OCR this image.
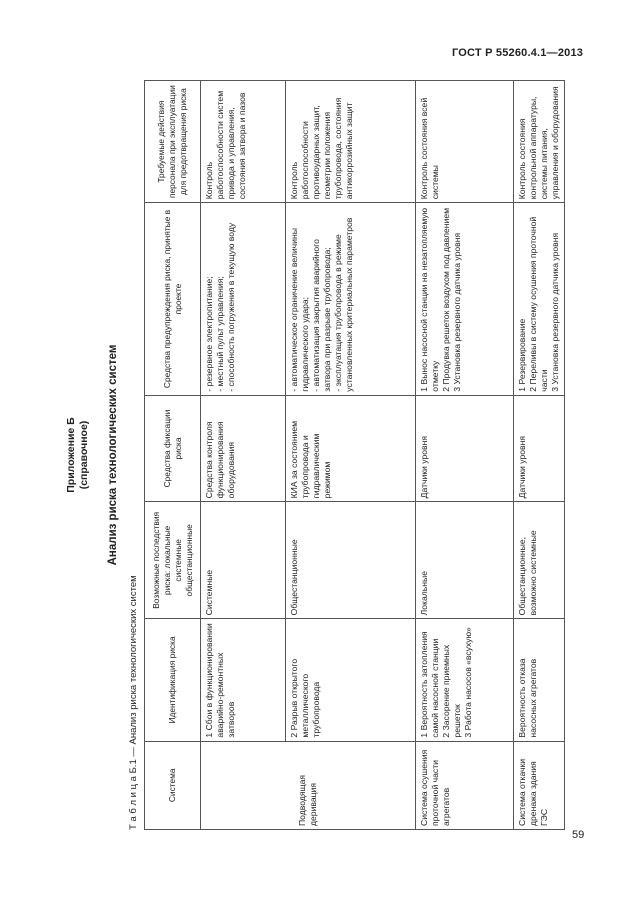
ГОСТ Р 55260.4.1—2013
Приложение Б (справочное) Анализ риска технологических систем
Т а б л и ц а Б.1 — Анализ риска технологических систем	Система	Идентификация риска	Возможные последствия риска: локальные системные общестанционные	Средства фиксации риска	Средства предупреждения риска, принятые в проекте	Требуемые действия персонала при эксплуатации для предотвращения риска
Подводящая деривация	1 Сбои в функционировании аварийно-ремонтных затворов	Системные	Средства контроля функционирования оборудования	- резервное электропитание;
- местный пульт управления;
- способность погружения в текущую воду	Контроль работоспособности систем привода и управления, состояния затвора и пазов
	2 Разрыв открытого металлического трубопровода	Общестанционные	КИА за состоянием трубопровода и гидравлическим режимом	- автоматическое ограничение величины гидравлического удара;
- автоматизация закрытия аварийного затвора при разрыве трубопровода;
- эксплуатация трубопровода в режиме установленных критериальных параметров	Контроль работоспособности противоударных защит, геометрии положения трубопровода, состояния антикоррозийных защит
Система осушения проточной части агрегатов	1 Вероятность затопления самой насосной станции
2 Засорение приемных решеток
3 Работа насосов «всухую»	Локальные	Датчики уровня	1 Вынос насосной станции на незатопляемую отметку
2 Продувка решеток воздухом под давлением
3 Установка резервного датчика уровня	Контроль состояния всей системы
Система откачки дренажа здания ГЭС	Вероятность отказа насосных агрегатов	Общестанционные, возможно системные	Датчики уровня	1 Резервирование
2 Переливы в систему осушения проточной части
3 Установка резервного датчика уровня	Контроль состояния контрольной аппаратуры, системы питания, управления и оборудования
59
